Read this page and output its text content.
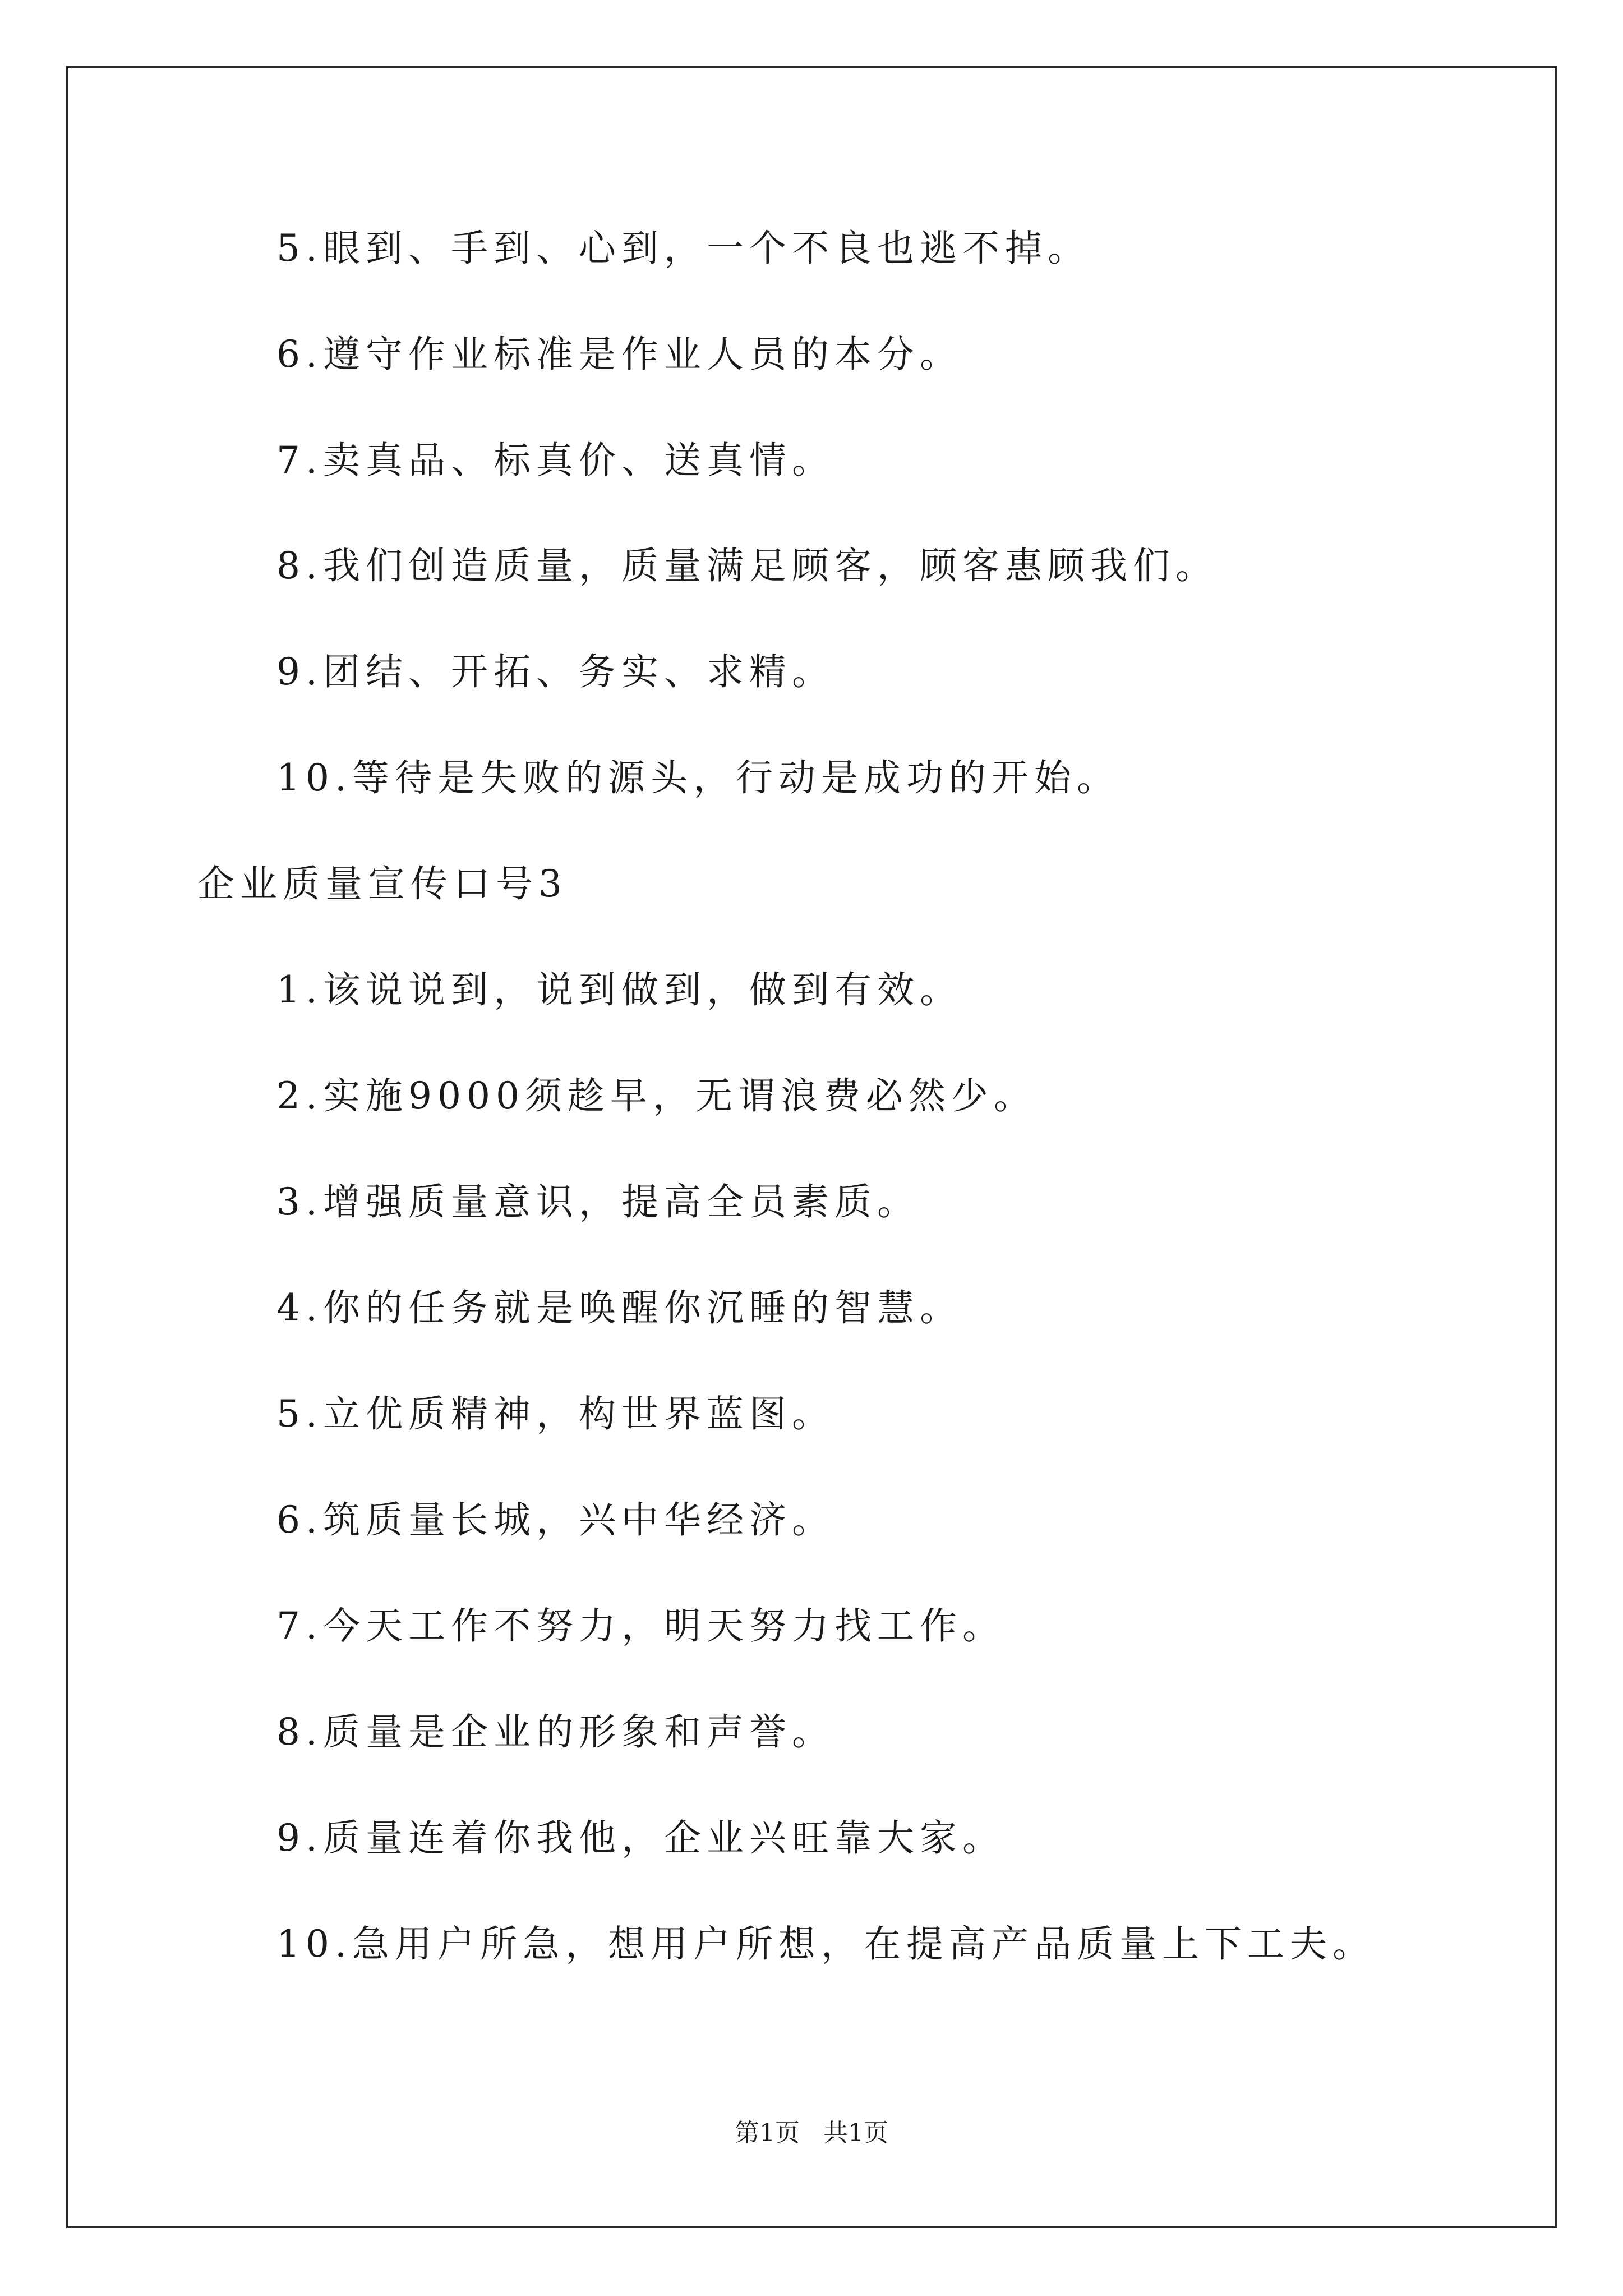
5.眼到、手到、心到，一个不良也逃不掉。
6.遵守作业标准是作业人员的本分。
7.卖真品、标真价、送真情。
8.我们创造质量，质量满足顾客，顾客惠顾我们。
9.团结、开拓、务实、求精。
10.等待是失败的源头，行动是成功的开始。
企业质量宣传口号3
1.该说说到，说到做到，做到有效。
2.实施9000须趁早，无谓浪费必然少。
3.增强质量意识，提高全员素质。
4.你的任务就是唤醒你沉睡的智慧。
5.立优质精神，构世界蓝图。
6.筑质量长城，兴中华经济。
7.今天工作不努力，明天努力找工作。
8.质量是企业的形象和声誉。
9.质量连着你我他，企业兴旺靠大家。
10.急用户所急，想用户所想，在提高产品质量上下工夫。
第1页   共1页
